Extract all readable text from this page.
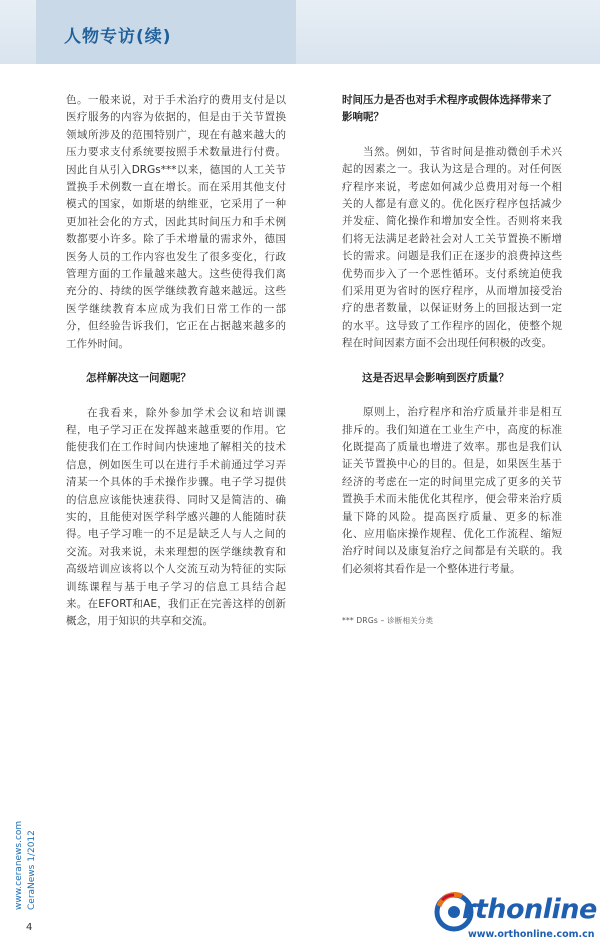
人物专访(续)

色。一般来说，对于手术治疗的费用支付是以医疗服务的内容为依据的，但是由于关节置换领域所涉及的范围特别广，现在有越来越大的压力要求支付系统要按照手术数量进行付费。因此自从引入DRGs***以来，德国的人工关节置换手术例数一直在增长。而在采用其他支付模式的国家，如斯堪的纳维亚，它采用了一种更加社会化的方式，因此其时间压力和手术例数都要小许多。除了手术增量的需求外，德国医务人员的工作内容也发生了很多变化，行政管理方面的工作量越来越大。这些使得我们离充分的、持续的医学继续教育越来越远。这些医学继续教育本应成为我们日常工作的一部分，但经验告诉我们，它正在占据越来越多的工作外时间。

怎样解决这一问题呢？

在我看来，除外参加学术会议和培训课程，电子学习正在发挥越来越重要的作用。它能使我们在工作时间内快速地了解相关的技术信息，例如医生可以在进行手术前通过学习弄清某一个具体的手术操作步骤。电子学习提供的信息应该能快速获得、同时又是简洁的、确实的，且能使对医学科学感兴趣的人能随时获得。电子学习唯一的不足是缺乏人与人之间的交流。对我来说，未来理想的医学继续教育和高级培训应该将以个人交流互动为特征的实际训练课程与基于电子学习的信息工具结合起来。在EFORT和AE，我们正在完善这样的创新概念，用于知识的共享和交流。

时间压力是否也对手术程序或假体选择带来了影响呢？

当然。例如，节省时间是推动微创手术兴起的因素之一。我认为这是合理的。对任何医疗程序来说，考虑如何减少总费用对每一个相关的人都是有意义的。优化医疗程序包括减少并发症、简化操作和增加安全性。否则将来我们将无法满足老龄社会对人工关节置换不断增长的需求。问题是我们正在逐步的浪费掉这些优势而步入了一个恶性循环。支付系统迫使我们采用更为省时的医疗程序，从而增加接受治疗的患者数量，以保证财务上的回报达到一定的水平。这导致了工作程序的固化，使整个规程在时间因素方面不会出现任何积极的改变。

这是否迟早会影响到医疗质量？

原则上，治疗程序和治疗质量并非是相互排斥的。我们知道在工业生产中，高度的标准化既提高了质量也增进了效率。那也是我们认证关节置换中心的目的。但是，如果医生基于经济的考虑在一定的时间里完成了更多的关节置换手术而未能优化其程序，便会带来治疗质量下降的风险。提高医疗质量、更多的标准化、应用临床操作规程、优化工作流程、缩短治疗时间以及康复治疗之间都是有关联的。我们必须将其看作是一个整体进行考量。

*** DRGs – 诊断相关分类
www.ceranews.com CeraNews 1/2012
4
rthonline
www.orthonline.com.cn
